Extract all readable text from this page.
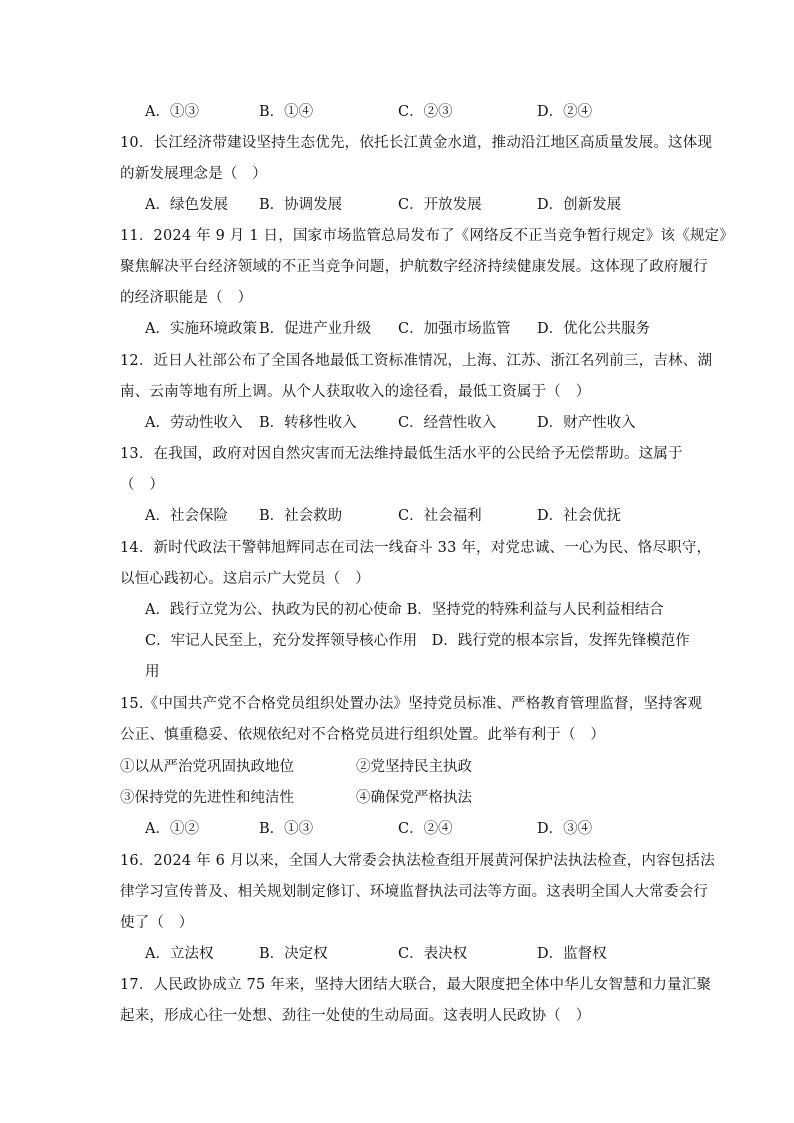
A．①③	B．①④	C．②③	D．②④
10．长江经济带建设坚持生态优先，依托长江黄金水道，推动沿江地区高质量发展。这体现
的新发展理念是（　）
A．绿色发展 B．协调发展	C．开放发展	D．创新发展
11．2024 年 9 月 1 日，国家市场监管总局发布了《网络反不正当竞争暂行规定》该《规定》
聚焦解决平台经济领域的不正当竞争问题，护航数字经济持续健康发展。这体现了政府履行
的经济职能是（　）
A．实施环境政策 B．促进产业升级 C．加强市场监管 D．优化公共服务
12．近日人社部公布了全国各地最低工资标准情况，上海、江苏、浙江名列前三，吉林、湖
南、云南等地有所上调。从个人获取收入的途径看，最低工资属于（　）
A．劳动性收入 B．转移性收入	C．经营性收入	D．财产性收入
13．在我国，政府对因自然灾害而无法维持最低生活水平的公民给予无偿帮助。这属于
（　）
A．社会保险 B．社会救助	C．社会福利	D．社会优抚
14．新时代政法干警韩旭辉同志在司法一线奋斗 33 年，对党忠诚、一心为民、恪尽职守，
以恒心践初心。这启示广大党员（　）
A．践行立党为公、执政为民的初心使命 B．坚持党的特殊利益与人民利益相结合
C．牢记人民至上，充分发挥领导核心作用　D．践行党的根本宗旨，发挥先锋模范作
用
15.《中国共产党不合格党员组织处置办法》坚持党员标准、严格教育管理监督，坚持客观
公正、慎重稳妥、依规依纪对不合格党员进行组织处置。此举有利于（　）
①以从严治党巩固执政地位	②党坚持民主执政
③保持党的先进性和纯洁性	④确保党严格执法
A．①②	B．①③	C．②④	D．③④
16．2024 年 6 月以来，全国人大常委会执法检查组开展黄河保护法执法检查，内容包括法
律学习宣传普及、相关规划制定修订、环境监督执法司法等方面。这表明全国人大常委会行
使了（　）
A．立法权	B．决定权	C．表决权	D．监督权
17．人民政协成立 75 年来，坚持大团结大联合，最大限度把全体中华儿女智慧和力量汇聚
起来，形成心往一处想、劲往一处使的生动局面。这表明人民政协（　）
